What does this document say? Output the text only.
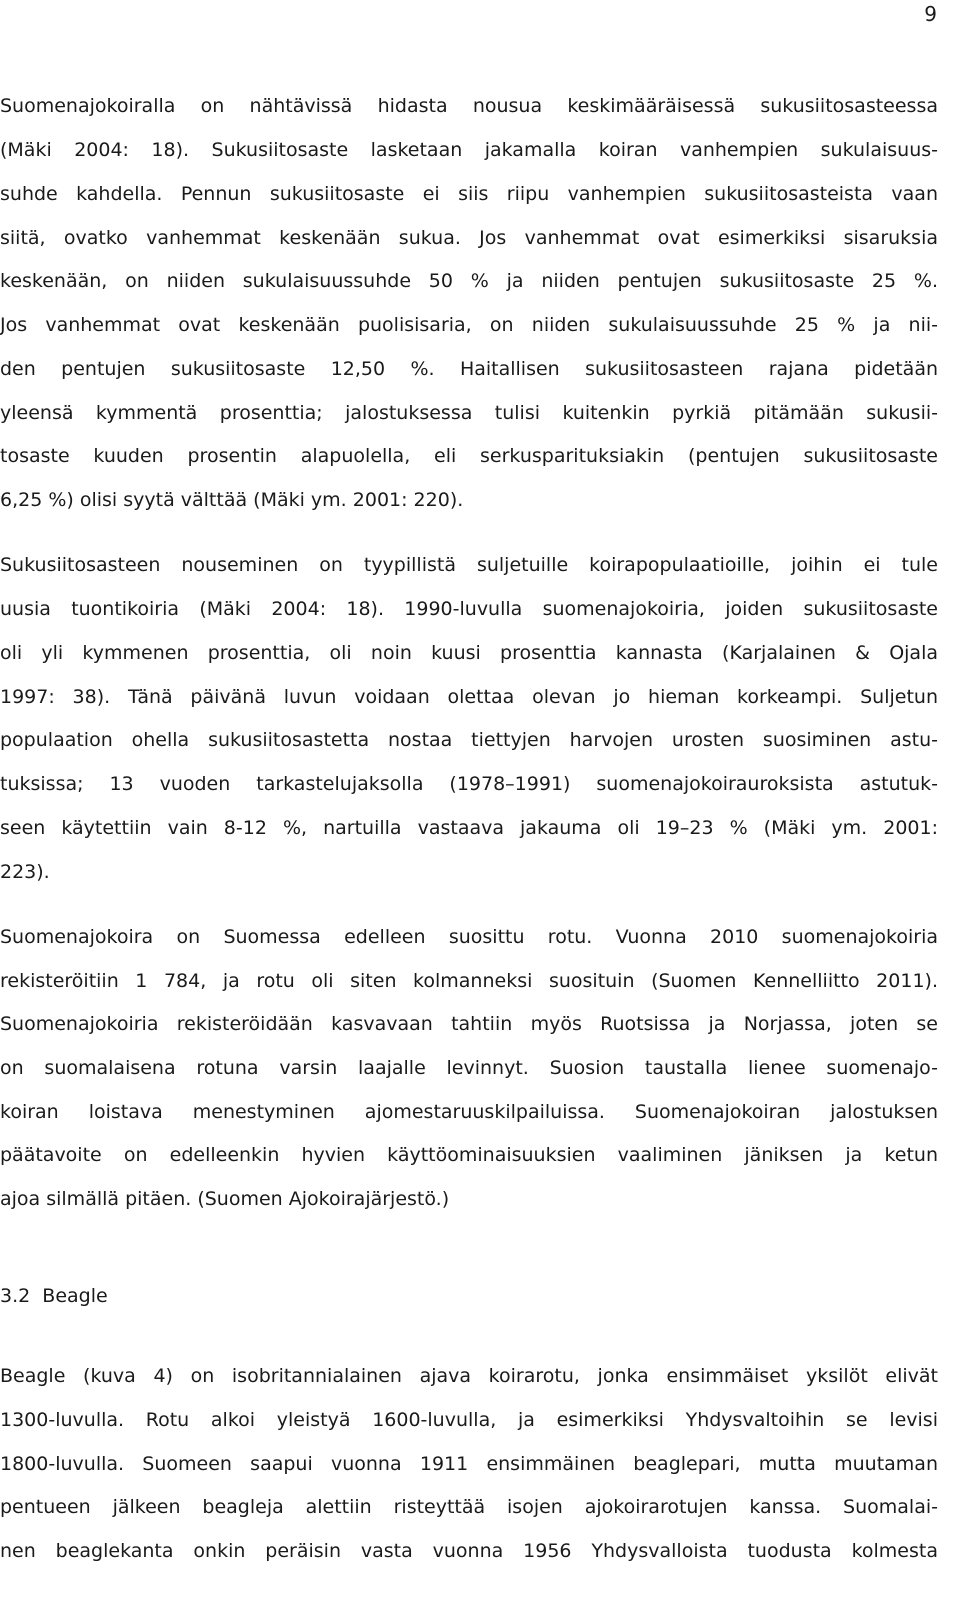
9
Suomenajokoiralla on nähtävissä hidasta nousua keskimääräisessä sukusiitosasteessa
(Mäki 2004: 18). Sukusiitosaste lasketaan jakamalla koiran vanhempien sukulaisuus-
suhde kahdella. Pennun sukusiitosaste ei siis riipu vanhempien sukusiitosasteista vaan
siitä, ovatko vanhemmat keskenään sukua. Jos vanhemmat ovat esimerkiksi sisaruksia
keskenään, on niiden sukulaisuussuhde 50 % ja niiden pentujen sukusiitosaste 25 %.
Jos vanhemmat ovat keskenään puolisisaria, on niiden sukulaisuussuhde 25 % ja nii-
den pentujen sukusiitosaste 12,50 %. Haitallisen sukusiitosasteen rajana pidetään
yleensä kymmentä prosenttia; jalostuksessa tulisi kuitenkin pyrkiä pitämään sukusii-
tosaste kuuden prosentin alapuolella, eli serkusparituksiakin (pentujen sukusiitosaste
6,25 %) olisi syytä välttää (Mäki ym. 2001: 220).
Sukusiitosasteen nouseminen on tyypillistä suljetuille koirapopulaatioille, joihin ei tule
uusia tuontikoiria (Mäki 2004: 18). 1990-luvulla suomenajokoiria, joiden sukusiitosaste
oli yli kymmenen prosenttia, oli noin kuusi prosenttia kannasta (Karjalainen & Ojala
1997: 38). Tänä päivänä luvun voidaan olettaa olevan jo hieman korkeampi. Suljetun
populaation ohella sukusiitosastetta nostaa tiettyjen harvojen urosten suosiminen astu-
tuksissa; 13 vuoden tarkastelujaksolla (1978–1991) suomenajokoirauroksista astutuk-
seen käytettiin vain 8-12 %, nartuilla vastaava jakauma oli 19–23 % (Mäki ym. 2001:
223).
Suomenajokoira on Suomessa edelleen suosittu rotu. Vuonna 2010 suomenajokoiria
rekisteröitiin 1 784, ja rotu oli siten kolmanneksi suosituin (Suomen Kennelliitto 2011).
Suomenajokoiria rekisteröidään kasvavaan tahtiin myös Ruotsissa ja Norjassa, joten se
on suomalaisena rotuna varsin laajalle levinnyt. Suosion taustalla lienee suomenajo-
koiran loistava menestyminen ajomestaruuskilpailuissa. Suomenajokoiran jalostuksen
päätavoite on edelleenkin hyvien käyttöominaisuuksien vaaliminen jäniksen ja ketun
ajoa silmällä pitäen. (Suomen Ajokoirajärjestö.)
3.2  Beagle
Beagle (kuva 4) on isobritannialainen ajava koirarotu, jonka ensimmäiset yksilöt elivät
1300-luvulla. Rotu alkoi yleistyä 1600-luvulla, ja esimerkiksi Yhdysvaltoihin se levisi
1800-luvulla. Suomeen saapui vuonna 1911 ensimmäinen beaglepari, mutta muutaman
pentueen jälkeen beagleja alettiin risteyttää isojen ajokoirarotujen kanssa. Suomalai-
nen beaglekanta onkin peräisin vasta vuonna 1956 Yhdysvalloista tuodusta kolmesta
